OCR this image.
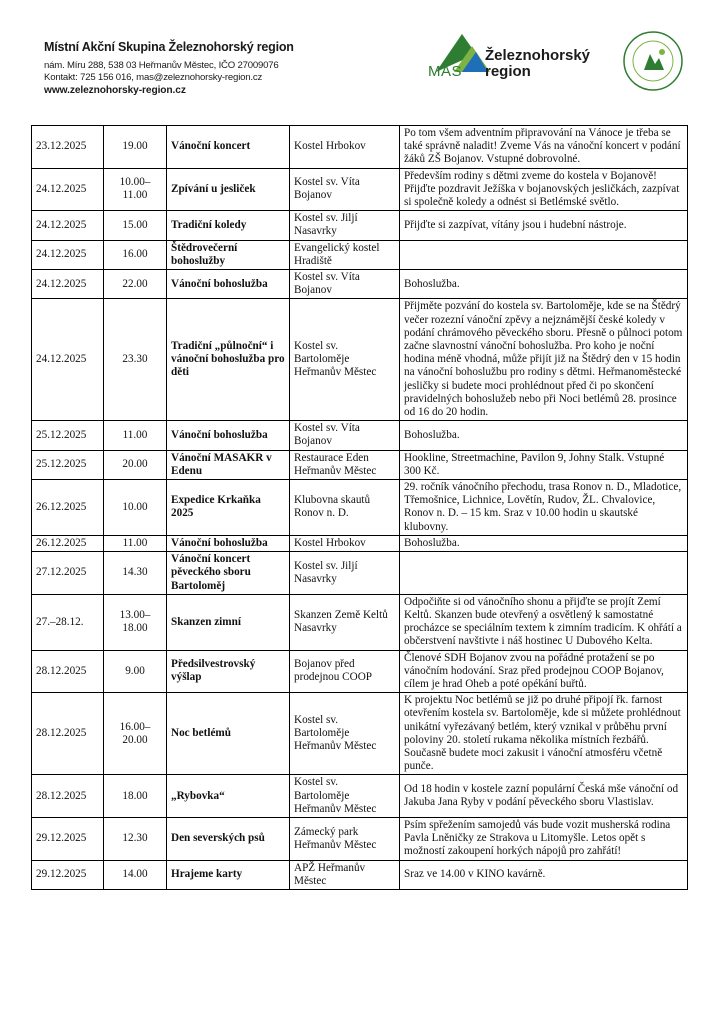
Místní Akční Skupina Železnohorský region
nám. Míru 288, 538 03 Heřmanův Městec, IČO 27009076
Kontakt: 725 156 016, mas@zeleznohorsky-region.cz
www.zeleznohorsky-region.cz
MAS
Železnohorský
region
23.12.2025	19.00	Vánoční koncert	Kostel Hrbokov	Po tom všem adventním připravování na Vánoce je třeba se také správně naladit! Zveme Vás na vánoční koncert v podání žáků ZŠ Bojanov. Vstupné dobrovolné.
24.12.2025	10.00–11.00	Zpívání u jesliček	Kostel sv. Víta Bojanov	Především rodiny s dětmi zveme do kostela v Bojanově! Přijďte pozdravit Ježíška v bojanovských jesličkách, zazpívat si společně koledy a odnést si Betlémské světlo.
24.12.2025	15.00	Tradiční koledy	Kostel sv. Jiljí Nasavrky	Přijďte si zazpívat, vítány jsou i hudební nástroje.
24.12.2025	16.00	Štědrovečerní bohoslužby	Evangelický kostel Hradiště	
24.12.2025	22.00	Vánoční bohoslužba	Kostel sv. Víta Bojanov	Bohoslužba.
24.12.2025	23.30	Tradiční „půlnoční“ i vánoční bohoslužba pro děti	Kostel sv. Bartoloměje Heřmanův Městec	Přijměte pozvání do kostela sv. Bartoloměje, kde se na Štědrý večer rozezní vánoční zpěvy a nejznámější české koledy v podání chrámového pěveckého sboru. Přesně o půlnoci potom začne slavnostní vánoční bohoslužba. Pro koho je noční hodina méně vhodná, může přijít již na Štědrý den v 15 hodin na vánoční bohoslužbu pro rodiny s dětmi. Heřmanoměstecké jesličky si budete moci prohlédnout před či po skončení pravidelných bohoslužeb nebo při Noci betlémů 28. prosince od 16 do 20 hodin.
25.12.2025	11.00	Vánoční bohoslužba	Kostel sv. Víta Bojanov	Bohoslužba.
25.12.2025	20.00	Vánoční MASAKR v Edenu	Restaurace Eden Heřmanův Městec	Hookline, Streetmachine, Pavilon 9, Johny Stalk. Vstupné 300 Kč.
26.12.2025	10.00	Expedice Krkaňka 2025	Klubovna skautů Ronov n. D.	29. ročník vánočního přechodu, trasa Ronov n. D., Mladotice, Třemošnice, Lichnice, Lovětín, Rudov, ŽL. Chvalovice, Ronov n. D. – 15 km. Sraz v 10.00 hodin u skautské klubovny.
26.12.2025	11.00	Vánoční bohoslužba	Kostel Hrbokov	Bohoslužba.
27.12.2025	14.30	Vánoční koncert pěveckého sboru Bartoloměj	Kostel sv. Jiljí Nasavrky	
27.–28.12.	13.00–18.00	Skanzen zimní	Skanzen Země Keltů Nasavrky	Odpočiňte si od vánočního shonu a přijďte se projít Zemí Keltů. Skanzen bude otevřený a osvětlený k samostatné procházce se speciálním textem k zimním tradicím. K ohřátí a občerstvení navštivte i náš hostinec U Dubového Kelta.
28.12.2025	9.00	Předsilvestrovský výšlap	Bojanov před prodejnou COOP	Členové SDH Bojanov zvou na pořádné protažení se po vánočním hodování. Sraz před prodejnou COOP Bojanov, cílem je hrad Oheb a poté opékání buřtů.
28.12.2025	16.00–20.00	Noc betlémů	Kostel sv. Bartoloměje Heřmanův Městec	K projektu Noc betlémů se již po druhé připojí řk. farnost otevřením kostela sv. Bartoloměje, kde si můžete prohlédnout unikátní vyřezávaný betlém, který vznikal v průběhu první poloviny 20. století rukama několika místních řezbářů. Současně budete moci zakusit i vánoční atmosféru včetně punče.
28.12.2025	18.00	„Rybovka“	Kostel sv. Bartoloměje Heřmanův Městec	Od 18 hodin v kostele zazní populární Česká mše vánoční od Jakuba Jana Ryby v podání pěveckého sboru Vlastislav.
29.12.2025	12.30	Den severských psů	Zámecký park Heřmanův Městec	Psím spřežením samojedů vás bude vozit musherská rodina Pavla Lněničky ze Strakova u Litomyšle. Letos opět s možností zakoupení horkých nápojů pro zahřátí!
29.12.2025	14.00	Hrajeme karty	APŽ Heřmanův Městec	Sraz ve 14.00 v KINO kavárně.
